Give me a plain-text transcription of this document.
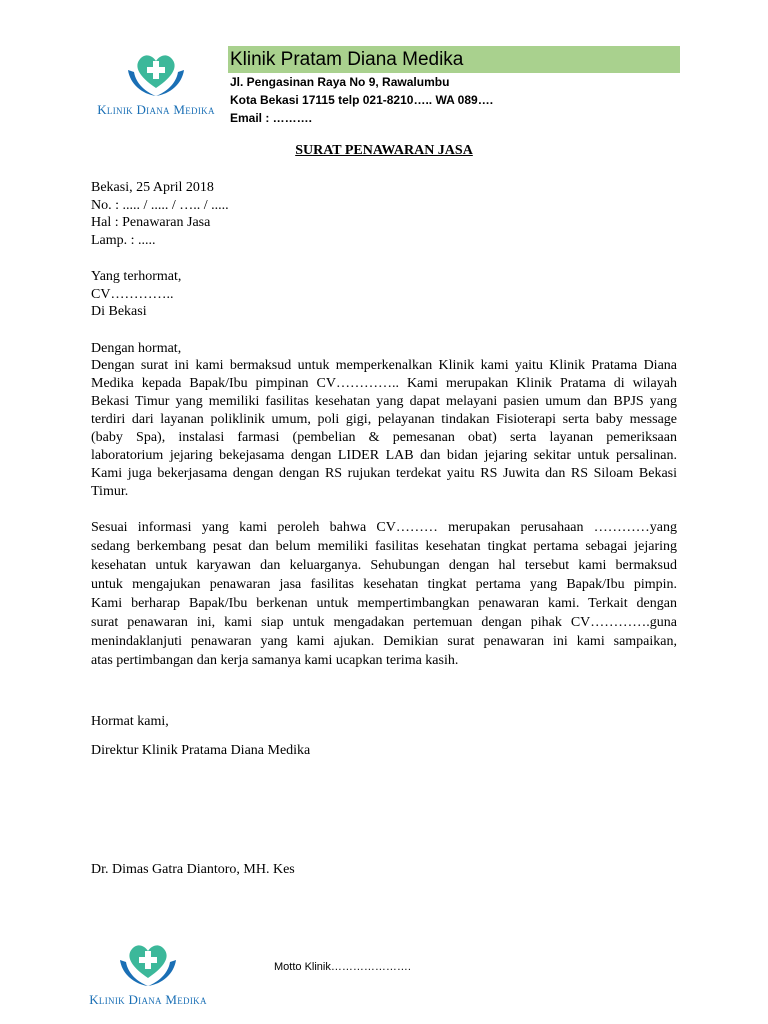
Klinik Diana Medika
Klinik Pratam Diana Medika
Jl. Pengasinan Raya No 9, Rawalumbu
Kota Bekasi 17115 telp 021-8210….. WA 089….
Email : ……….
SURAT PENAWARAN JASA
Bekasi, 25 April 2018
No. : ..... / ..... / ….. / .....
Hal : Penawaran Jasa
Lamp. : .....
Yang terhormat,
CV…………..
Di Bekasi
Dengan hormat,
Dengan surat ini kami bermaksud untuk memperkenalkan Klinik kami yaitu Klinik Pratama Diana
Medika kepada Bapak/Ibu pimpinan CV………….. Kami merupakan Klinik Pratama di wilayah
Bekasi Timur yang memiliki fasilitas kesehatan yang dapat melayani pasien umum dan BPJS yang
terdiri dari layanan poliklinik umum, poli gigi, pelayanan tindakan Fisioterapi serta baby message
(baby Spa), instalasi farmasi (pembelian & pemesanan obat) serta layanan pemeriksaan
laboratorium jejaring bekejasama dengan LIDER LAB dan bidan jejaring sekitar untuk persalinan.
Kami juga bekerjasama dengan dengan RS rujukan terdekat yaitu RS Juwita dan RS Siloam Bekasi
Timur.
Sesuai informasi yang kami peroleh bahwa CV……… merupakan perusahaan …………yang
sedang berkembang pesat dan belum memiliki fasilitas kesehatan tingkat pertama sebagai jejaring
kesehatan untuk karyawan dan keluarganya. Sehubungan dengan hal tersebut kami bermaksud
untuk mengajukan penawaran jasa fasilitas kesehatan tingkat pertama yang Bapak/Ibu pimpin.
Kami berharap Bapak/Ibu berkenan untuk mempertimbangkan penawaran kami. Terkait dengan
surat penawaran ini, kami siap untuk mengadakan pertemuan dengan pihak CV………….guna
menindaklanjuti penawaran yang kami ajukan. Demikian surat penawaran ini kami sampaikan,
atas pertimbangan dan kerja samanya kami ucapkan terima kasih.
Hormat kami,
Direktur Klinik Pratama Diana Medika
Dr. Dimas Gatra Diantoro, MH. Kes
Klinik Diana Medika
Motto Klinik………………….
